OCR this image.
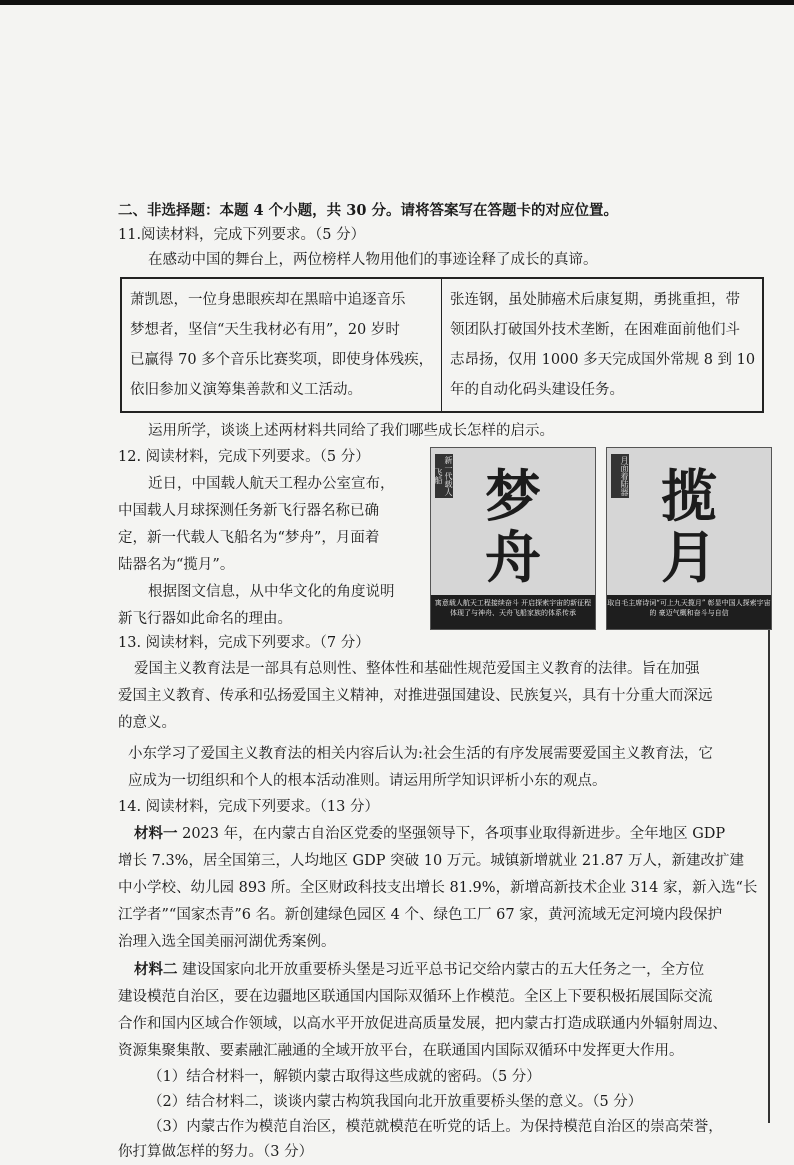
二、非选择题：本题 4 个小题，共 30 分。请将答案写在答题卡的对应位置。

11.阅读材料，完成下列要求。（5 分）

在感动中国的舞台上，两位榜样人物用他们的事迹诠释了成长的真谛。

萧凯恩，一位身患眼疾却在黑暗中追逐音乐
梦想者，坚信“天生我材必有用”，20 岁时
已赢得 70 多个音乐比赛奖项，即使身体残疾，
依旧参加义演筹集善款和义工活动。
张连钢，虽处肺癌术后康复期，勇挑重担，带
领团队打破国外技术垄断，在困难面前他们斗
志昂扬，仅用 1000 多天完成国外常规 8 到 10
年的自动化码头建设任务。

运用所学，谈谈上述两材料共同给了我们哪些成长怎样的启示。

12. 阅读材料，完成下列要求。（5 分）

近日，中国载人航天工程办公室宣布，

中国载人月球探测任务新飞行器名称已确

定，新一代载人飞船名为“梦舟”，月面着

陆器名为“揽月”。

根据图文信息，从中华文化的角度说明

新飞行器如此命名的理由。

新一代载人飞船 梦
舟
寓意载人航天工程接续奋斗 开启探索宇宙的新征程 体现了与神舟、天舟飞船家族的体系传承
月面着陆器 揽
月
取自毛主席诗词“可上九天揽月” 彰显中国人探索宇宙的 豪迈气概和奋斗与自信

13. 阅读材料，完成下列要求。（7 分）

爱国主义教育法是一部具有总则性、整体性和基础性规范爱国主义教育的法律。旨在加强

爱国主义教育、传承和弘扬爱国主义精神，对推进强国建设、民族复兴，具有十分重大而深远

的意义。

小东学习了爱国主义教育法的相关内容后认为:社会生活的有序发展需要爱国主义教育法，它

应成为一切组织和个人的根本活动准则。请运用所学知识评析小东的观点。

14. 阅读材料，完成下列要求。（13 分）

材料一 2023 年，在内蒙古自治区党委的坚强领导下，各项事业取得新进步。全年地区 GDP

增长 7.3%，居全国第三，人均地区 GDP 突破 10 万元。城镇新增就业 21.87 万人，新建改扩建

中小学校、幼儿园 893 所。全区财政科技支出增长 81.9%，新增高新技术企业 314 家，新入选“长

江学者”“国家杰青”6 名。新创建绿色园区 4 个、绿色工厂 67 家，黄河流域无定河境内段保护

治理入选全国美丽河湖优秀案例。

材料二 建设国家向北开放重要桥头堡是习近平总书记交给内蒙古的五大任务之一，全方位

建设模范自治区，要在边疆地区联通国内国际双循环上作模范。全区上下要积极拓展国际交流

合作和国内区域合作领域，以高水平开放促进高质量发展，把内蒙古打造成联通内外辐射周边、

资源集聚集散、要素融汇融通的全域开放平台，在联通国内国际双循环中发挥更大作用。

（1）结合材料一，解锁内蒙古取得这些成就的密码。（5 分）

（2）结合材料二，谈谈内蒙古构筑我国向北开放重要桥头堡的意义。（5 分）

（3）内蒙古作为模范自治区，模范就模范在听党的话上。为保持模范自治区的崇高荣誉，

你打算做怎样的努力。（3 分）
